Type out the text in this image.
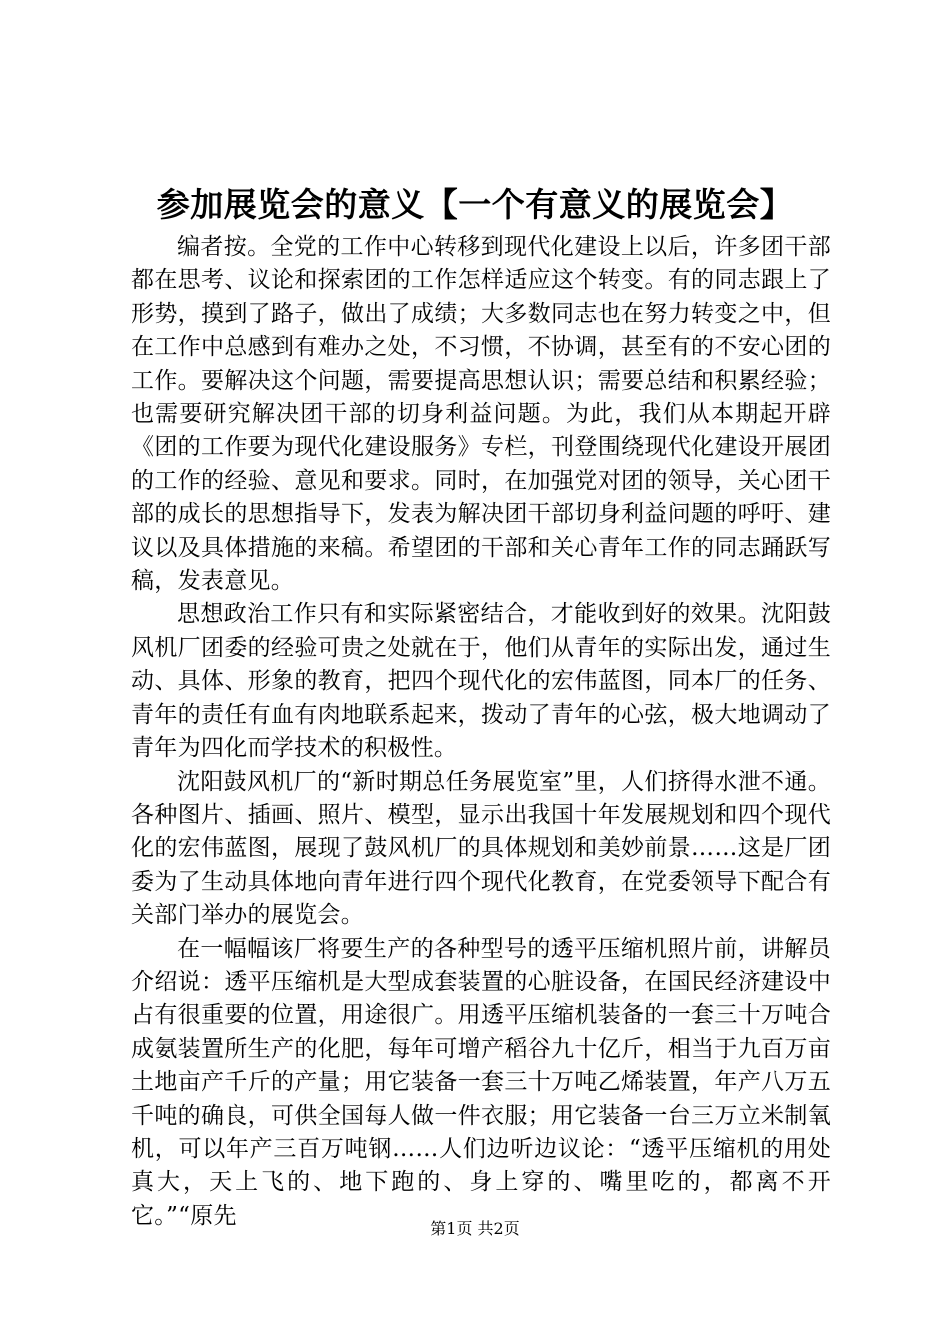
参加展览会的意义【一个有意义的展览会】

编者按。全党的工作中心转移到现代化建设上以后，许多团干部都在思考、议论和探索团的工作怎样适应这个转变。有的同志跟上了形势，摸到了路子，做出了成绩；大多数同志也在努力转变之中，但在工作中总感到有难办之处，不习惯，不协调，甚至有的不安心团的工作。要解决这个问题，需要提高思想认识；需要总结和积累经验；也需要研究解决团干部的切身利益问题。为此，我们从本期起开辟《团的工作要为现代化建设服务》专栏，刊登围绕现代化建设开展团的工作的经验、意见和要求。同时，在加强党对团的领导，关心团干部的成长的思想指导下，发表为解决团干部切身利益问题的呼吁、建议以及具体措施的来稿。希望团的干部和关心青年工作的同志踊跃写稿，发表意见。

思想政治工作只有和实际紧密结合，才能收到好的效果。沈阳鼓风机厂团委的经验可贵之处就在于，他们从青年的实际出发，通过生动、具体、形象的教育，把四个现代化的宏伟蓝图，同本厂的任务、青年的责任有血有肉地联系起来，拨动了青年的心弦，极大地调动了青年为四化而学技术的积极性。

沈阳鼓风机厂的“新时期总任务展览室”里，人们挤得水泄不通。各种图片、插画、照片、模型，显示出我国十年发展规划和四个现代化的宏伟蓝图，展现了鼓风机厂的具体规划和美妙前景……这是厂团委为了生动具体地向青年进行四个现代化教育，在党委领导下配合有关部门举办的展览会。

在一幅幅该厂将要生产的各种型号的透平压缩机照片前，讲解员介绍说：透平压缩机是大型成套装置的心脏设备，在国民经济建设中占有很重要的位置，用途很广。用透平压缩机装备的一套三十万吨合成氨装置所生产的化肥，每年可增产稻谷九十亿斤，相当于九百万亩土地亩产千斤的产量；用它装备一套三十万吨乙烯装置，年产八万五千吨的确良，可供全国每人做一件衣服；用它装备一台三万立米制氧机，可以年产三百万吨钢……人们边听边议论：“透平压缩机的用处真大，天上飞的、地下跑的、身上穿的、嘴里吃的，都离不开它。”“原先	第1页 共2页
